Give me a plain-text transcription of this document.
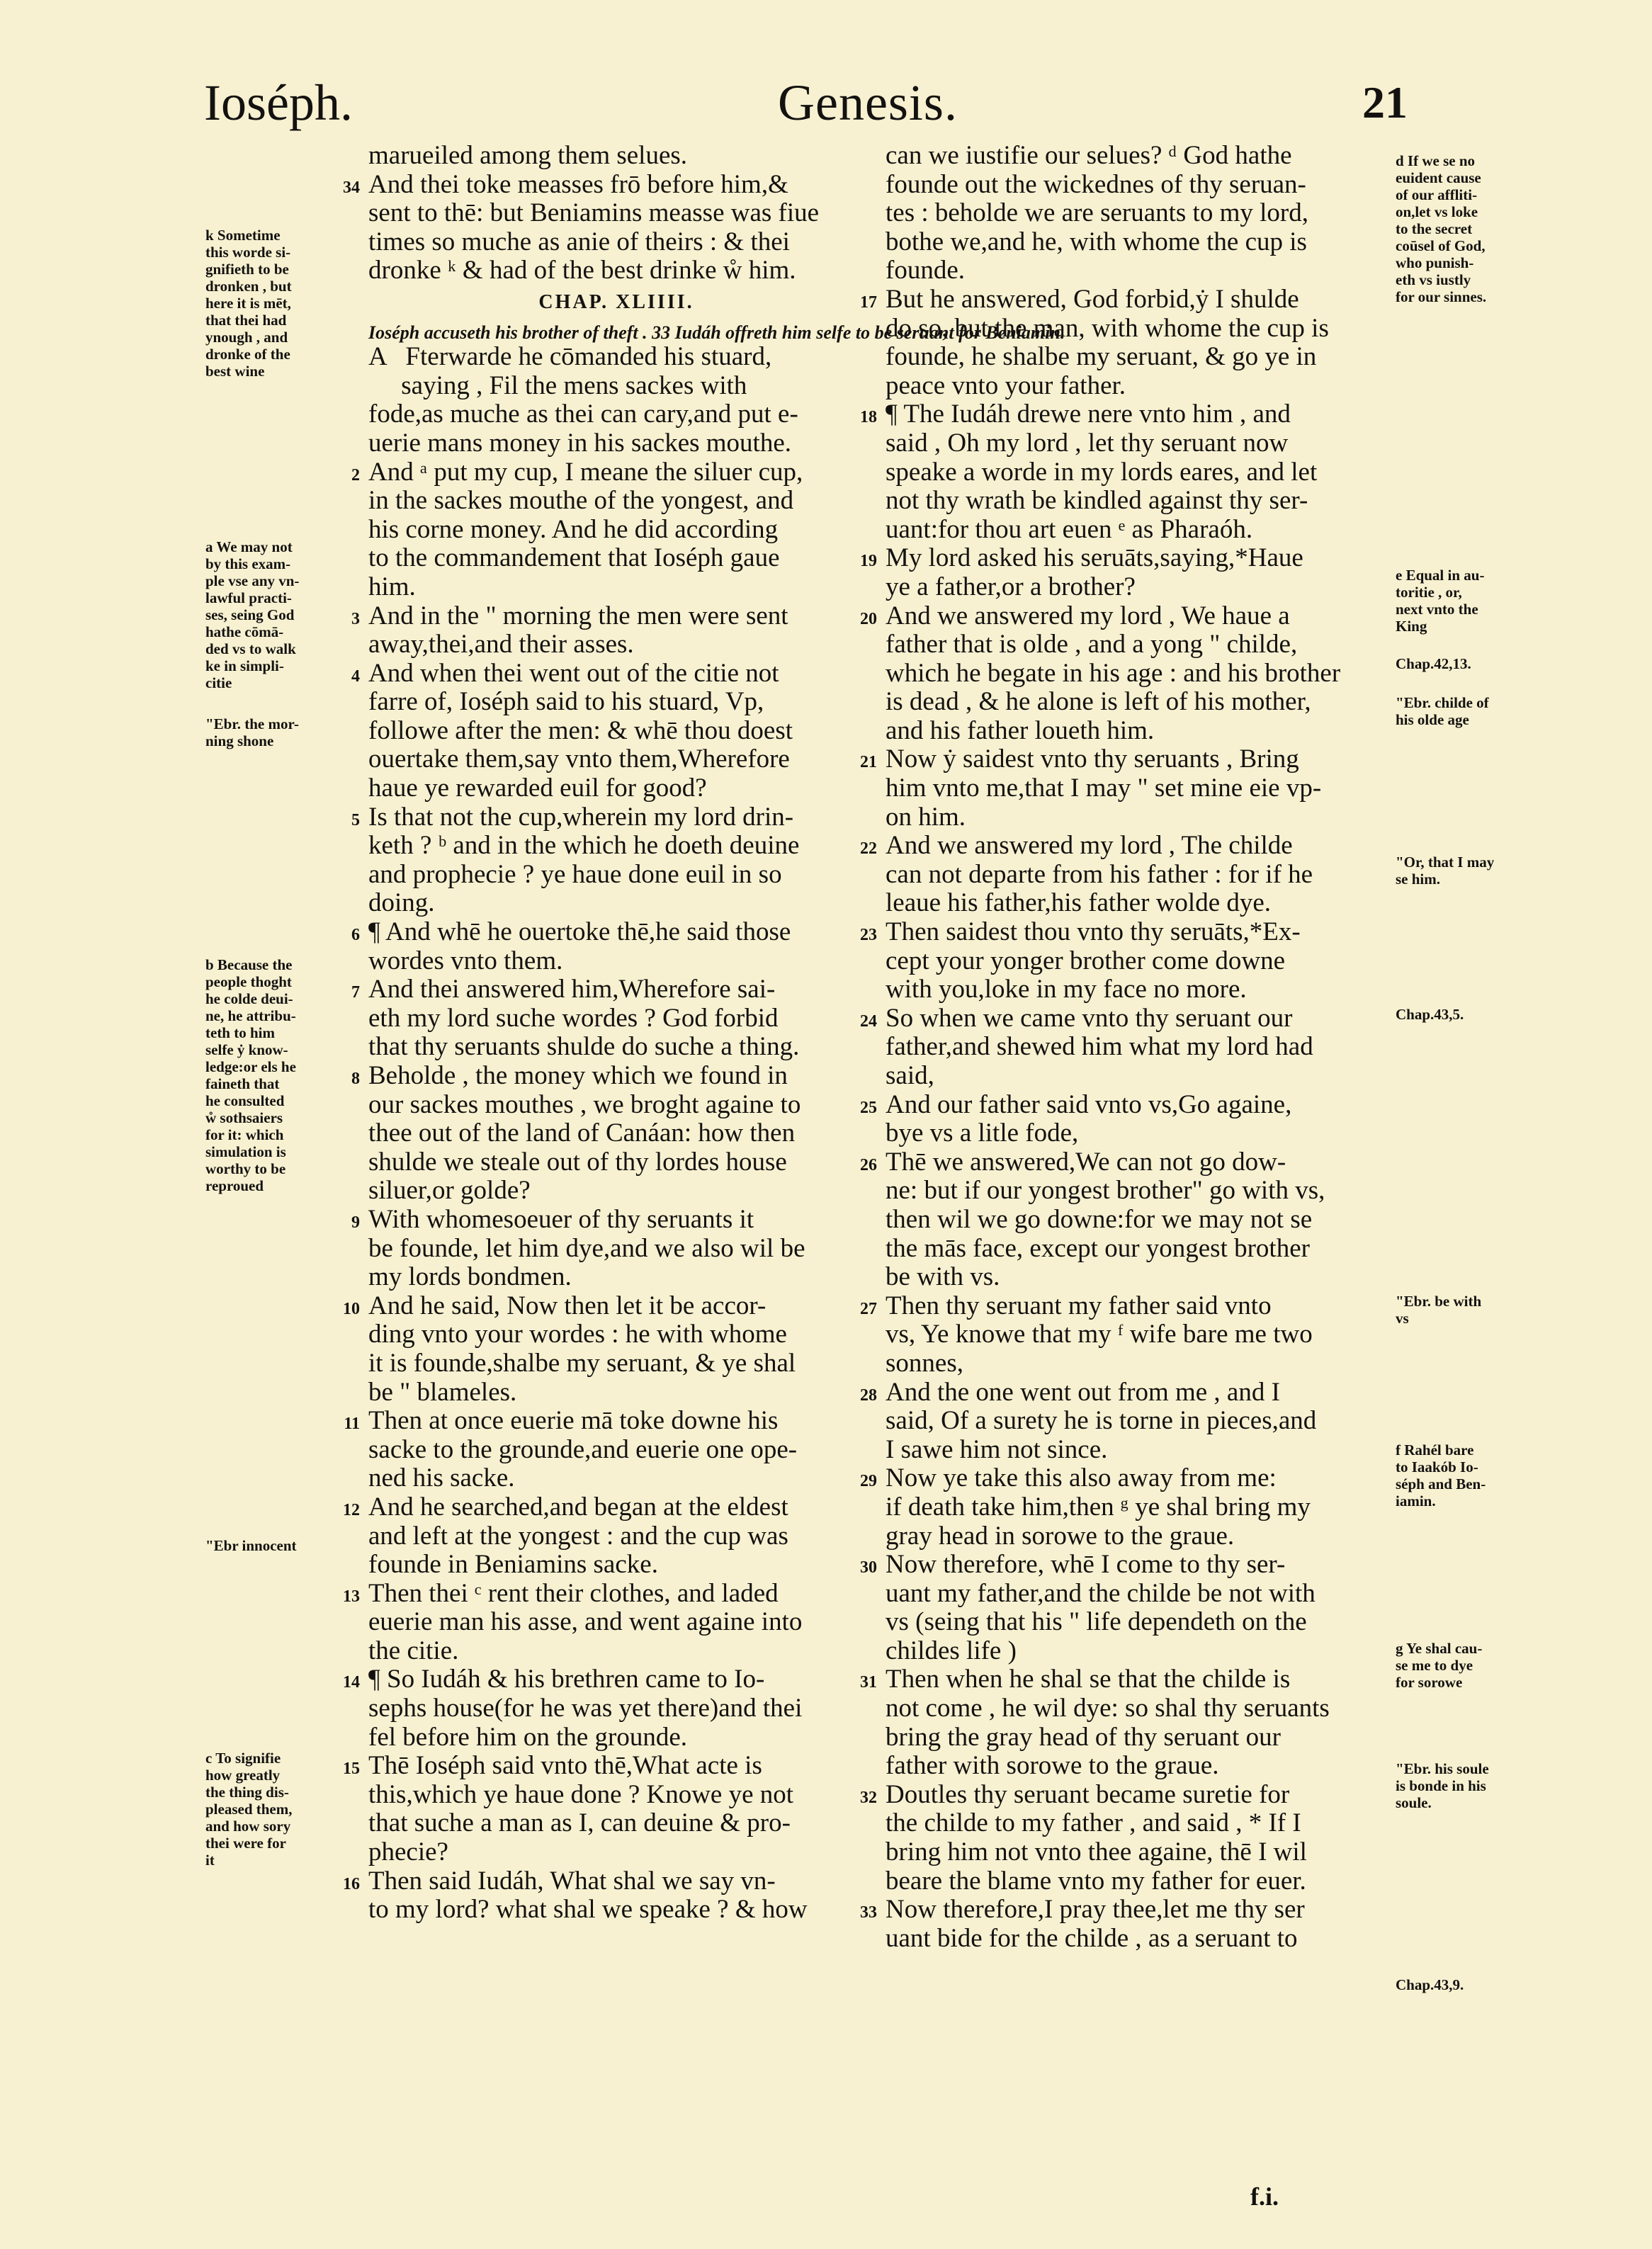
Ioséph.	Genesis.	21
marueiled among them selues.
34 And thei toke measses frō before him,&
sent to thē: but Beniamins measse was fiue
times so muche as anie of theirs : & thei
dronke ᵏ & had of the best drinke ẘ him.
CHAP. XLIIII.
Ioséph accuseth his brother of theft . 33 Iudáh offreth him selfe to be seruant for Beniamin.
A   Fterwarde he cōmanded his stuard,
saying , Fil the mens sackes with
fode,as muche as thei can cary,and put e-
uerie mans money in his sackes mouthe.
2 And ᵃ put my cup, I meane the siluer cup,
in the sackes mouthe of the yongest, and
his corne money. And he did according
to the commandement that Ioséph gaue
him.
3 And in the " morning the men were sent
away,thei,and their asses.
4 And when thei went out of the citie not
farre of, Ioséph said to his stuard, Vp,
followe after the men: & whē thou doest
ouertake them,say vnto them,Wherefore
haue ye rewarded euil for good?
5 Is that not the cup,wherein my lord drin-
keth ? ᵇ and in the which he doeth deuine
and prophecie ? ye haue done euil in so
doing.
6 ¶ And whē he ouertoke thē,he said those
wordes vnto them.
7 And thei answered him,Wherefore sai-
eth my lord suche wordes ? God forbid
that thy seruants shulde do suche a thing.
8 Beholde , the money which we found in
our sackes mouthes , we broght againe to
thee out of the land of Canáan: how then
shulde we steale out of thy lordes house
siluer,or golde?
9 With whomesoeuer of thy seruants it
be founde, let him dye,and we also wil be
my lords bondmen.
10 And he said, Now then let it be accor-
ding vnto your wordes : he with whome
it is founde,shalbe my seruant, & ye shal
be " blameles.
11 Then at once euerie mā toke downe his
sacke to the grounde,and euerie one ope-
ned his sacke.
12 And he searched,and began at the eldest
and left at the yongest : and the cup was
founde in Beniamins sacke.
13 Then thei ᶜ rent their clothes, and laded
euerie man his asse, and went againe into
the citie.
14 ¶ So Iudáh & his brethren came to Io-
sephs house(for he was yet there)and thei
fel before him on the grounde.
15 Thē Ioséph said vnto thē,What acte is
this,which ye haue done ? Knowe ye not
that suche a man as I, can deuine & pro-
phecie?
16 Then said Iudáh, What shal we say vn-
to my lord? what shal we speake ? & how
can we iustifie our selues? ᵈ God hathe
founde out the wickednes of thy seruan-
tes : beholde we are seruants to my lord,
bothe we,and he, with whome the cup is
founde.
17 But he answered, God forbid,ẏ I shulde
do so, but the man, with whome the cup is
founde, he shalbe my seruant, & go ye in
peace vnto your father.
18 ¶ The Iudáh drewe nere vnto him , and
said , Oh my lord , let thy seruant now
speake a worde in my lords eares, and let
not thy wrath be kindled against thy ser-
uant:for thou art euen ᵉ as Pharaóh.
19 My lord asked his seruāts,saying,*Haue
ye a father,or a brother?
20 And we answered my lord , We haue a
father that is olde , and a yong " childe,
which he begate in his age : and his brother
is dead , & he alone is left of his mother,
and his father loueth him.
21 Now ẏ saidest vnto thy seruants , Bring
him vnto me,that I may " set mine eie vp-
on him.
22 And we answered my lord , The childe
can not departe from his father : for if he
leaue his father,his father wolde dye.
23 Then saidest thou vnto thy seruāts,*Ex-
cept your yonger brother come downe
with you,loke in my face no more.
24 So when we came vnto thy seruant our
father,and shewed him what my lord had
said,
25 And our father said vnto vs,Go againe,
bye vs a litle fode,
26 Thē we answered,We can not go dow-
ne: but if our yongest brother" go with vs,
then wil we go downe:for we may not se
the mās face, except our yongest brother
be with vs.
27 Then thy seruant my father said vnto
vs, Ye knowe that my ᶠ wife bare me two
sonnes,
28 And the one went out from me , and I
said, Of a surety he is torne in pieces,and
I sawe him not since.
29 Now ye take this also away from me:
if death take him,then ᵍ ye shal bring my
gray head in sorowe to the graue.
30 Now therefore, whē I come to thy ser-
uant my father,and the childe be not with
vs (seing that his " life dependeth on the
childes life )
31 Then when he shal se that the childe is
not come , he wil dye: so shal thy seruants
bring the gray head of thy seruant our
father with sorowe to the graue.
32 Doutles thy seruant became suretie for
the childe to my father , and said , * If I
bring him not vnto thee againe, thē I wil
beare the blame vnto my father for euer.
33 Now therefore,I pray thee,let me thy ser
uant bide for the childe , as a seruant to
k Sometime
this worde si-
gnifieth to be
dronken , but
here it is mēt,
that thei had
ynough , and
dronke of the
best wine
a We may not
by this exam-
ple vse any vn-
lawful practi-
ses, seing God
hathe cōmā-
ded vs to walk
ke in simpli-
citie
"Ebr. the mor-
ning shone
b Because the
people thoght
he colde deui-
ne, he attribu-
teth to him
selfe ẏ know-
ledge:or els he
faineth that
he consulted
ẘ sothsaiers
for it: which
simulation is
worthy to be
reproued
"Ebr innocent
c To signifie
how greatly
the thing dis-
pleased them,
and how sory
thei were for
it
d If we se no
euident cause
of our affliti-
on,let vs loke
to the secret
coūsel of God,
who punish-
eth vs iustly
for our sinnes.
e Equal in au-
toritie , or,
next vnto the
King
Chap.42,13.
"Ebr. childe of
his olde age
"Or, that I may
se him.
Chap.43,5.
"Ebr. be with
vs
f Rahél bare
to Iaakób Io-
séph and Ben-
iamin.
g Ye shal cau-
se me to dye
for sorowe
"Ebr. his soule
is bonde in his
soule.
Chap.43,9.
f.i.
